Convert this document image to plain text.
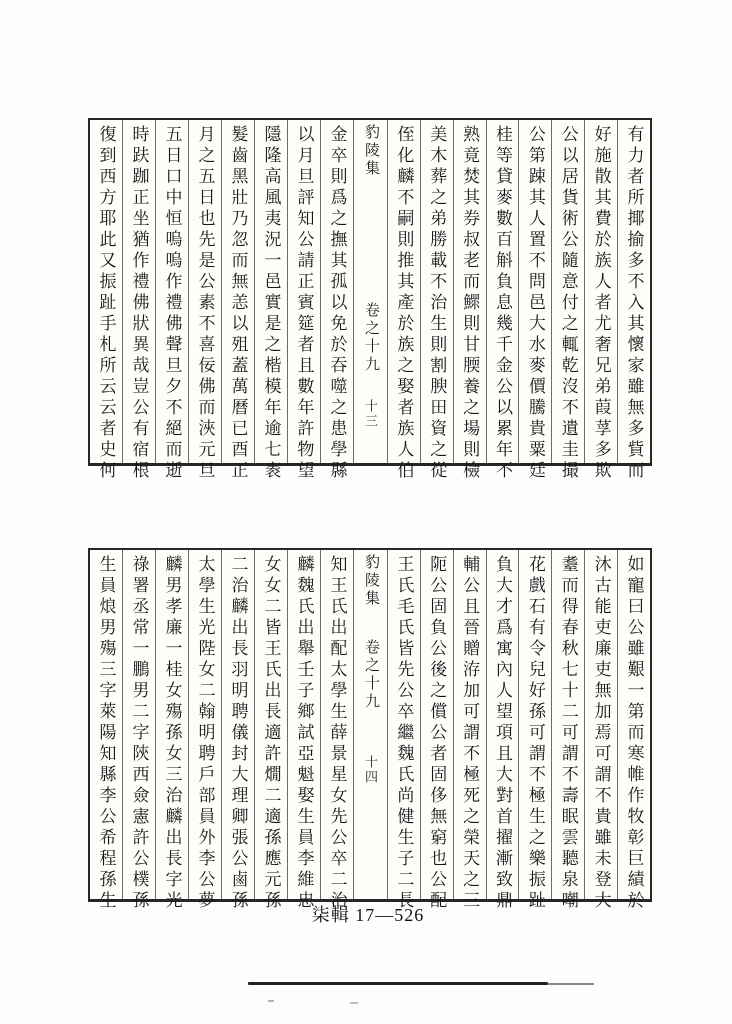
有力者所揶揄多不入其懷家雖無多貲而
好施散其費於族人者尤奢兄弟葭莩多欺
公以居貨術公隨意付之輒乾沒不遺圭撮
公第踈其人置不問邑大水麥價騰貴粟廷
桂等貸麥數百斛負息幾千金公以累年不
熟竟焚其券叔老而鰥則甘腝養之場則檢
美木葬之弟勝載不治生則割腴田資之從
侄化麟不嗣則推其產於族之娶者族人伯
豹陵集
卷之十九
十三
金卒則爲之撫其孤以免於吞噬之患學縣
以月旦評知公請正賓筵者且數年許物望
隱隆高風夷況一邑實是之楷模年逾七袠
髮齒黑壯乃忽而無恙以殂蓋萬曆已酉正
月之五日也先是公素不喜佞佛而浹元旦
五日口中恒嗚嗚作禮佛聲旦夕不絕而逝
時趺跏正坐猶作禮佛狀異哉豈公有宿根
復到西方耶此又振趾手札所云云者史何
如寵曰公雖艱一第而寒帷作牧彰巨績於
沐古能吏廉吏無加焉可謂不貴雖未登大
耋而得春秋七十二可謂不壽眠雲聽泉嘲
花戲石有令兒好孫可謂不極生之樂振趾
負大才爲寓內人望項且大對首擢漸致鼎
輔公且晉贈洊加可謂不極死之榮天之三
阨公固負公後之償公者固侈無窮也公配
王氏毛氏皆先公卒繼魏氏尚健生子二長
豹陵集
卷之十九
十四
知王氏出配太學生薛景星女先公卒二治
麟魏氏出舉壬子鄉試亞魁娶生員李維忠
女女二皆王氏出長適許燗二適孫應元孫
二治麟出長羽明聘儀封大理卿張公鹵孫
太學生光陛女二翰明聘戶部員外李公夢
麟男孝廉一桂女殤孫女三治麟出長字光
祿署丞常一鵬男二字陝西僉憲許公樸孫
生員烺男殤三字萊陽知縣李公希程孫生
柒輯 17—526
